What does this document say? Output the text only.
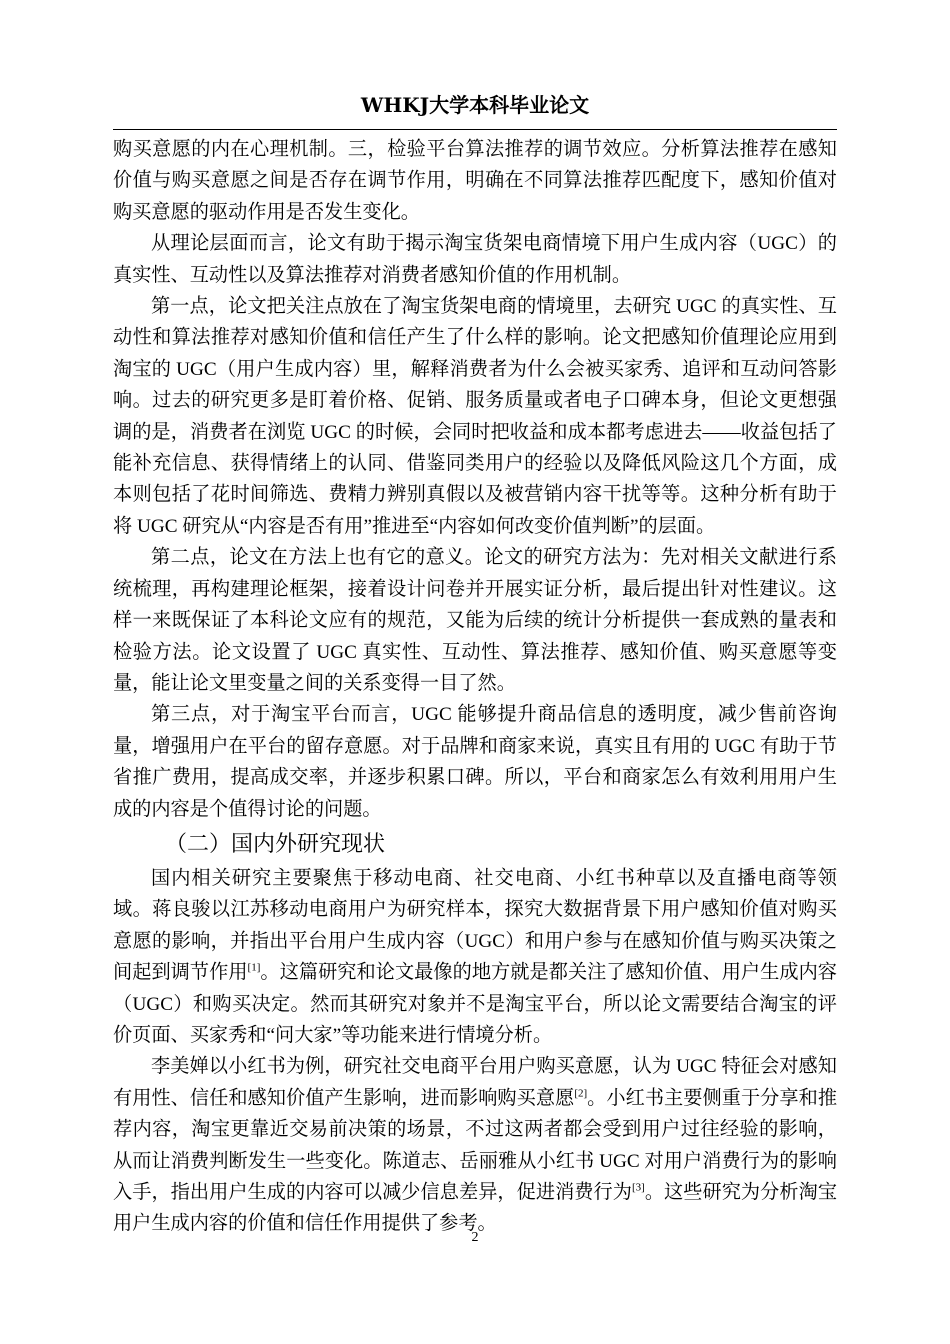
WHKJ大学本科毕业论文

购买意愿的内在心理机制。三，检验平台算法推荐的调节效应。分析算法推荐在感知价值与购买意愿之间是否存在调节作用，明确在不同算法推荐匹配度下，感知价值对购买意愿的驱动作用是否发生变化。

从理论层面而言，论文有助于揭示淘宝货架电商情境下用户生成内容（UGC）的真实性、互动性以及算法推荐对消费者感知价值的作用机制。

第一点，论文把关注点放在了淘宝货架电商的情境里，去研究 UGC 的真实性、互动性和算法推荐对感知价值和信任产生了什么样的影响。论文把感知价值理论应用到淘宝的 UGC（用户生成内容）里，解释消费者为什么会被买家秀、追评和互动问答影响。过去的研究更多是盯着价格、促销、服务质量或者电子口碑本身，但论文更想强调的是，消费者在浏览 UGC 的时候，会同时把收益和成本都考虑进去——收益包括了能补充信息、获得情绪上的认同、借鉴同类用户的经验以及降低风险这几个方面，成本则包括了花时间筛选、费精力辨别真假以及被营销内容干扰等等。这种分析有助于将 UGC 研究从“内容是否有用”推进至“内容如何改变价值判断”的层面。

第二点，论文在方法上也有它的意义。论文的研究方法为：先对相关文献进行系统梳理，再构建理论框架，接着设计问卷并开展实证分析，最后提出针对性建议。这样一来既保证了本科论文应有的规范，又能为后续的统计分析提供一套成熟的量表和检验方法。论文设置了 UGC 真实性、互动性、算法推荐、感知价值、购买意愿等变量，能让论文里变量之间的关系变得一目了然。

第三点，对于淘宝平台而言，UGC 能够提升商品信息的透明度，减少售前咨询量，增强用户在平台的留存意愿。对于品牌和商家来说，真实且有用的 UGC 有助于节省推广费用，提高成交率，并逐步积累口碑。所以，平台和商家怎么有效利用用户生成的内容是个值得讨论的问题。

（二）国内外研究现状

国内相关研究主要聚焦于移动电商、社交电商、小红书种草以及直播电商等领域。蒋良骏以江苏移动电商用户为研究样本，探究大数据背景下用户感知价值对购买意愿的影响，并指出平台用户生成内容（UGC）和用户参与在感知价值与购买决策之间起到调节作用[1]。这篇研究和论文最像的地方就是都关注了感知价值、用户生成内容（UGC）和购买决定。然而其研究对象并不是淘宝平台，所以论文需要结合淘宝的评价页面、买家秀和“问大家”等功能来进行情境分析。

李美婵以小红书为例，研究社交电商平台用户购买意愿，认为 UGC 特征会对感知有用性、信任和感知价值产生影响，进而影响购买意愿[2]。小红书主要侧重于分享和推荐内容，淘宝更靠近交易前决策的场景，不过这两者都会受到用户过往经验的影响，从而让消费判断发生一些变化。陈道志、岳丽雅从小红书 UGC 对用户消费行为的影响入手，指出用户生成的内容可以减少信息差异，促进消费行为[3]。这些研究为分析淘宝用户生成内容的价值和信任作用提供了参考。

2
